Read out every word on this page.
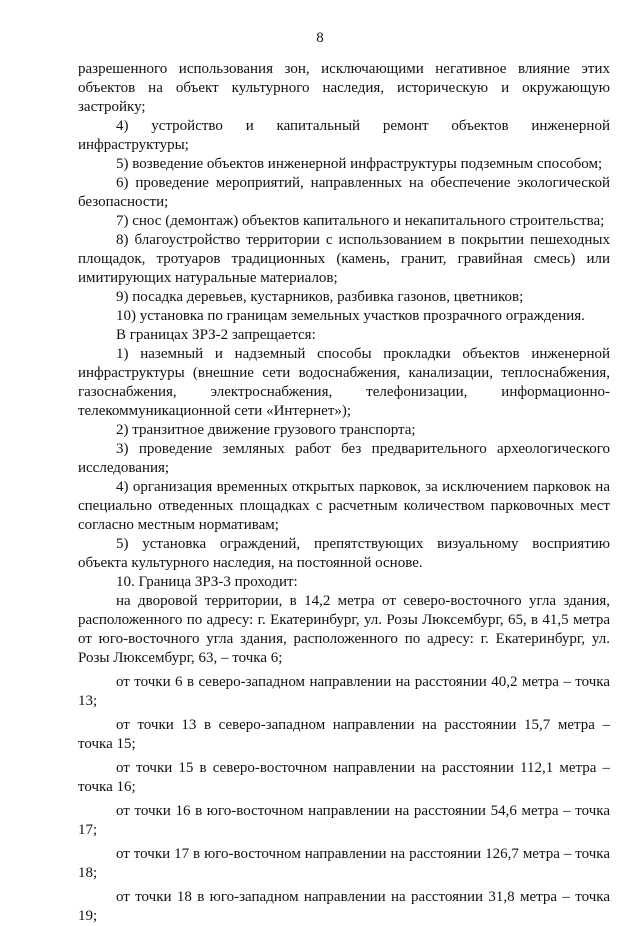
8

разрешенного использования зон, исключающими негативное влияние этих объектов на объект культурного наследия, историческую и окружающую застройку;

4) устройство и капитальный ремонт объектов инженерной инфраструктуры;

5) возведение объектов инженерной инфраструктуры подземным способом;

6) проведение мероприятий, направленных на обеспечение экологической безопасности;

7) снос (демонтаж) объектов капитального и некапитального строительства;

8) благоустройство территории с использованием в покрытии пешеходных площадок, тротуаров традиционных (камень, гранит, гравийная смесь) или имитирующих натуральные материалов;

9) посадка деревьев, кустарников, разбивка газонов, цветников;

10) установка по границам земельных участков прозрачного ограждения.

В границах ЗРЗ-2 запрещается:

1) наземный и надземный способы прокладки объектов инженерной инфраструктуры (внешние сети водоснабжения, канализации, теплоснабжения, газоснабжения, электроснабжения, телефонизации, информационно-телекоммуникационной сети «Интернет»);

2) транзитное движение грузового транспорта;

3) проведение земляных работ без предварительного археологического исследования;

4) организация временных открытых парковок, за исключением парковок на специально отведенных площадках с расчетным количеством парковочных мест согласно местным нормативам;

5) установка ограждений, препятствующих визуальному восприятию объекта культурного наследия, на постоянной основе.

10. Граница ЗРЗ-3 проходит:

на дворовой территории, в 14,2 метра от северо-восточного угла здания, расположенного по адресу: г. Екатеринбург, ул. Розы Люксембург, 65, в 41,5 метра от юго-восточного угла здания, расположенного по адресу: г. Екатеринбург, ул. Розы Люксембург, 63, – точка 6;

от точки 6 в северо-западном направлении на расстоянии 40,2 метра – точка 13;

от точки 13 в северо-западном направлении на расстоянии 15,7 метра – точка 15;

от точки 15 в северо-восточном направлении на расстоянии 112,1 метра – точка 16;

от точки 16 в юго-восточном направлении на расстоянии 54,6 метра – точка 17;

от точки 17 в юго-восточном направлении на расстоянии 126,7 метра – точка 18;

от точки 18 в юго-западном направлении на расстоянии 31,8 метра – точка 19;
